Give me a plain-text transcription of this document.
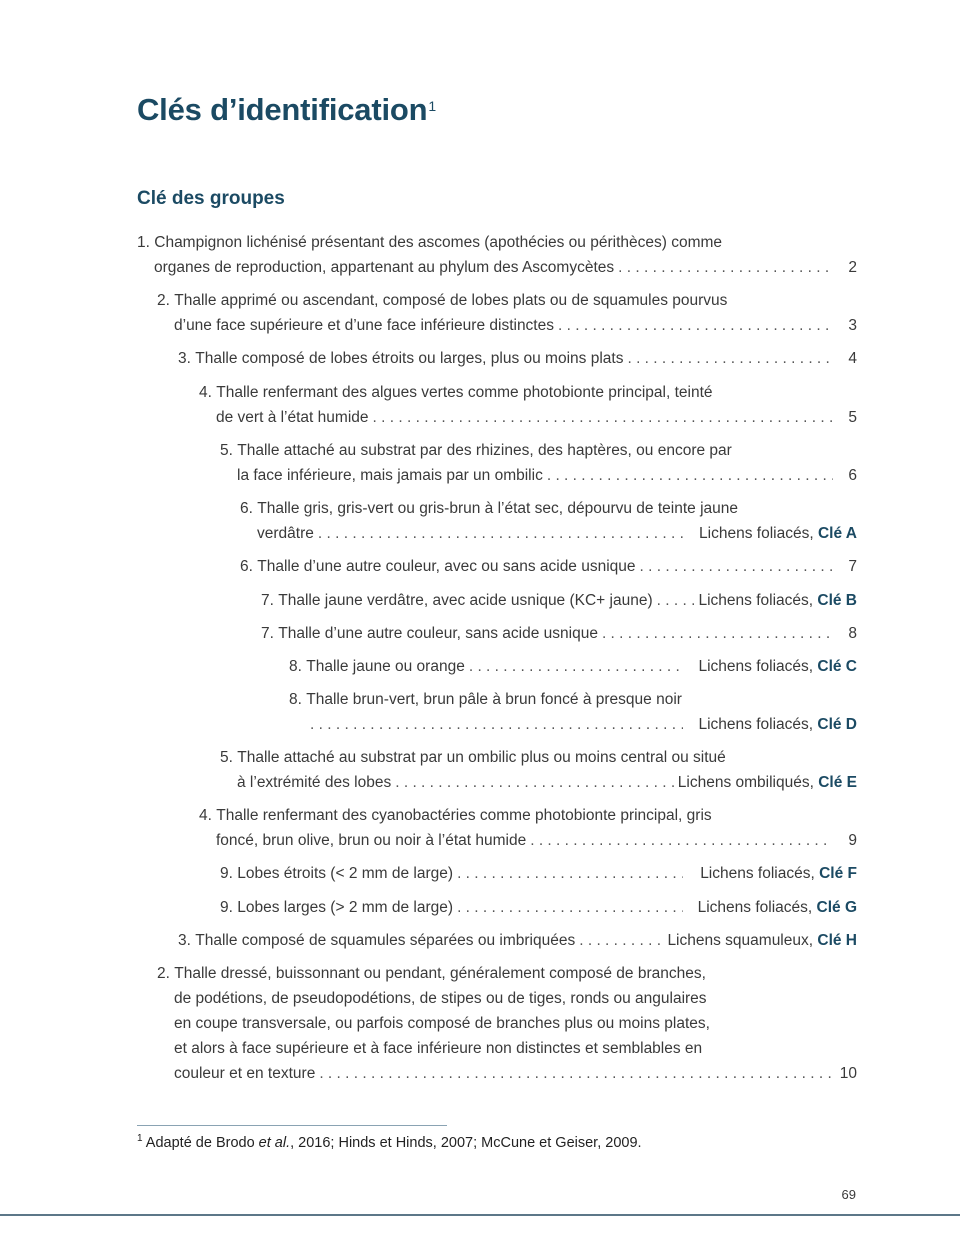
Clés d’identification$^1$
Clé des groupes
1.
Champignon lichénisé présentant des ascomes (apothécies ou périthèces) comme
organes de reproduction, appartenant au phylum des Ascomycètes . . .	2
2.
Thalle apprimé ou ascendant, composé de lobes plats ou de squamules pourvus
d’une face supérieure et d’une face inférieure distinctes . . .	3
3.
Thalle composé de lobes étroits ou larges, plus ou moins plats . . .	4
4.
Thalle renfermant des algues vertes comme photobionte principal, teinté
de vert à l’état humide . . .	5
5.
Thalle attaché au substrat par des rhizines, des haptères, ou encore par
la face inférieure, mais jamais par un ombilic . . .	6
6.
Thalle gris, gris-vert ou gris-brun à l’état sec, dépourvu de teinte jaune
verdâtre . . .	Lichens foliacés, Clé A
6.
Thalle d’une autre couleur, avec ou sans acide usnique . . .	7
7.
Thalle jaune verdâtre, avec acide usnique (KC+ jaune) . . .	Lichens foliacés, Clé B
7.
Thalle d’une autre couleur, sans acide usnique . . .	8
8.
Thalle jaune ou orange . . .	Lichens foliacés, Clé C
8.
Thalle brun-vert, brun pâle à brun foncé à presque noir
. . .
Lichens foliacés, Clé D
5.
Thalle attaché au substrat par un ombilic plus ou moins central ou situé
à l’extrémité des lobes . . .	Lichens ombiliqués, Clé E
4.
Thalle renfermant des cyanobactéries comme photobionte principal, gris
foncé, brun olive, brun ou noir à l’état humide . . .	9
9.
Lobes étroits (< 2 mm de large) . . .	Lichens foliacés, Clé F
9.
Lobes larges (> 2 mm de large) . . .	Lichens foliacés, Clé G
3.
Thalle composé de squamules séparées ou imbriquées . . .	Lichens squamuleux, Clé H
2.
Thalle dressé, buissonnant ou pendant, généralement composé de branches,
de podétions, de pseudopodétions, de stipes ou de tiges, ronds ou angulaires
en coupe transversale, ou parfois composé de branches plus ou moins plates,
et alors à face supérieure et à face inférieure non distinctes et semblables en
couleur et en texture . . .	10
$^1$ Adapté de Brodo et al., 2016; Hinds et Hinds, 2007; McCune et Geiser, 2009.
69
